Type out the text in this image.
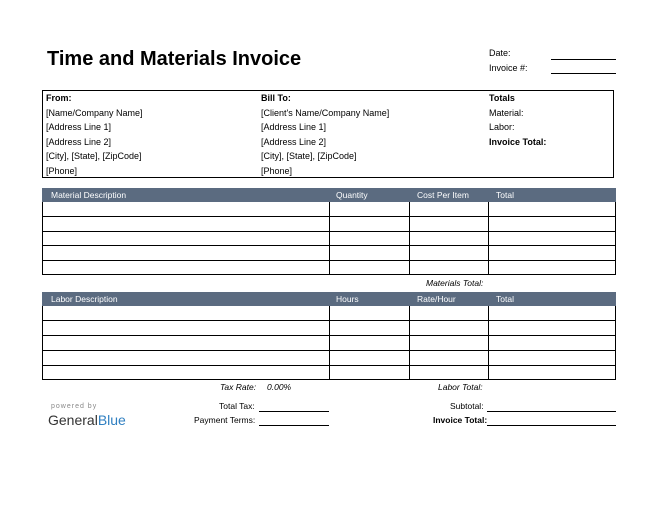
Time and Materials Invoice	Date:
Invoice #:
From:
[Name/Company Name]
[Address Line 1]
[Address Line 2]
[City], [State], [ZipCode]
[Phone]
Bill To:
[Client's Name/Company Name]
[Address Line 1]
[Address Line 2]
[City], [State], [ZipCode]
[Phone]
Totals
Material:
Labor:
Invoice Total:
Material Description	Quantity	Cost Per Item	Total
Materials Total:
Labor Description	Hours	Rate/Hour	Total
Tax Rate: 0.00%	Labor Total:
Total Tax:	Subtotal:
Payment Terms:	Invoice Total:
powered by
GeneralBlue
